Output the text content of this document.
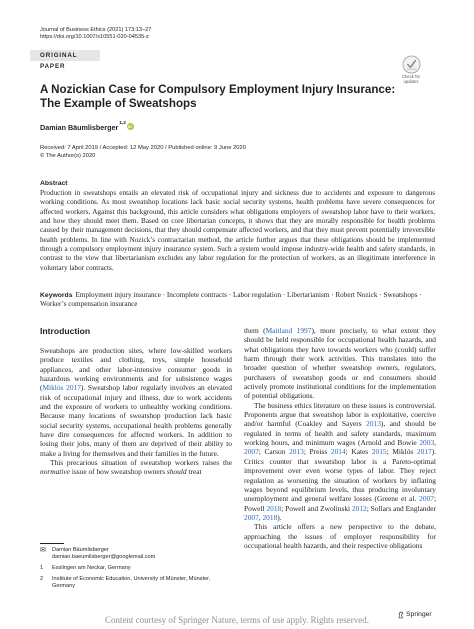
Journal of Business Ethics (2021) 173:13–27
https://doi.org/10.1007/s10551-020-04535-z
ORIGINAL PAPER
Check for
updates
A Nozickian Case for Compulsory Employment Injury Insurance: The Example of Sweatshops
Damian Bäumlisberger$^{1,2}$
iD
Received: 7 April 2019 / Accepted: 12 May 2020 / Published online: 9 June 2020
© The Author(s) 2020
Abstract
Production in sweatshops entails an elevated risk of occupational injury and sickness due to accidents and exposure to dangerous working conditions. As most sweatshop locations lack basic social security systems, health problems have severe consequences for affected workers. Against this background, this article considers what obligations employers of sweatshop labor have to their workers, and how they should meet them. Based on core libertarian concepts, it shows that they are morally responsible for health problems caused by their management decisions, that they should compensate affected workers, and that they must prevent potentially irreversible health problems. In line with Nozick’s contractarian method, the article further argues that these obligations should be implemented through a compulsory employment injury insurance system. Such a system would impose industry-wide health and safety standards, in contrast to the view that libertarianism excludes any labor regulation for the protection of workers, as an illegitimate interference in voluntary labor contracts.
Keywords Employment injury insurance · Incomplete contracts · Labor regulation · Libertarianism · Robert Nozick · Sweatshops · Worker’s compensation insurance
Introduction

Sweatshops are production sites, where low-skilled workers produce textiles and clothing, toys, simple household appliances, and other labor-intensive consumer goods in hazardous working environments and for subsistence wages (Miklós 2017). Sweatshop labor regularly involves an elevated risk of occupational injury and illness, due to work accidents and the exposure of workers to unhealthy working conditions. Because many locations of sweatshop production lack basic social security systems, occupational health problems generally have dire consequences for affected workers. In addition to losing their jobs, many of them are deprived of their ability to make a living for themselves and their families in the future.

This precarious situation of sweatshop workers raises the normative issue of how sweatshop owners should treat

them (Maitland 1997), more precisely, to what extent they should be held responsible for occupational health hazards, and what obligations they have towards workers who (could) suffer harm through their work activities. This translates into the broader question of whether sweatshop owners, regulators, purchasers of sweatshop goods or end consumers should actively promote institutional conditions for the implementation of potential obligations.

The business ethics literature on these issues is controversial. Proponents argue that sweatshop labor is exploitative, coercive and/or harmful (Coakley and Sayers 2013), and should be regulated in terms of health and safety standards, maximum working hours, and minimum wages (Arnold and Bowie 2003, 2007; Carson 2013; Preiss 2014; Kates 2015; Miklós 2017). Critics counter that sweatshop labor is a Pareto-optimal improvement over even worse types of labor. They reject regulation as worsening the situation of workers by inflating wages beyond equilibrium levels, thus producing involuntary unemployment and general welfare losses (Greene et al. 2007; Powell 2018; Powell and Zwolinski 2012; Sollars and Englander 2007, 2018).

This article offers a new perspective to the debate, approaching the issues of employer responsibility for occupational health hazards, and their respective obligations

✉	Damian Bäumlisberger
damian.baeumlisberger@googlemail.com
1	Esslingen am Neckar, Germany
2	Institute of Economic Education, University of Münster, Münster, Germany
Springer
Content courtesy of Springer Nature, terms of use apply. Rights reserved.
